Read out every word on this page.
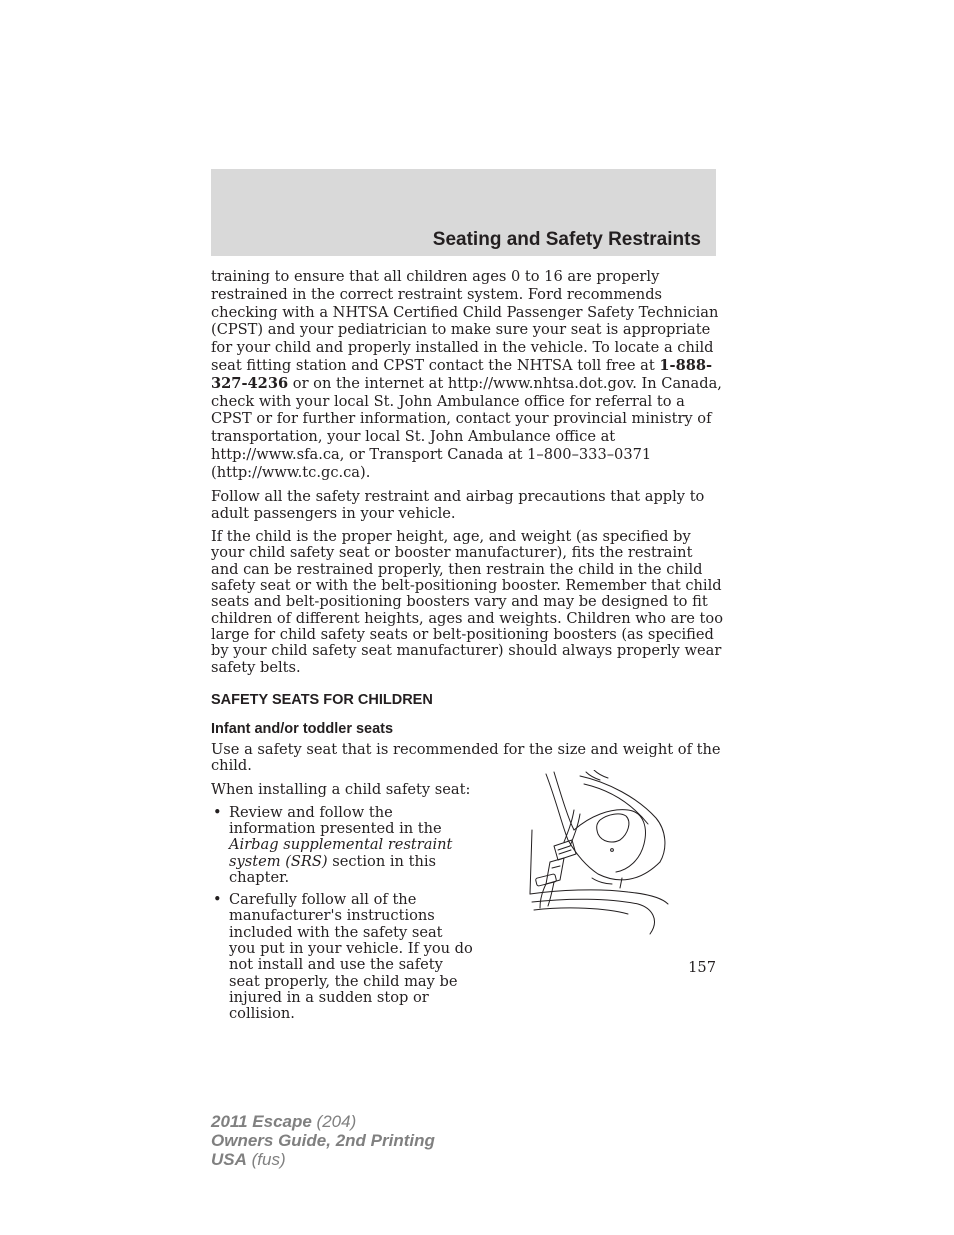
Seating and Safety Restraints

training to ensure that all children ages 0 to 16 are properly restrained in the correct restraint system. Ford recommends checking with a NHTSA Certified Child Passenger Safety Technician (CPST) and your pediatrician to make sure your seat is appropriate for your child and properly installed in the vehicle. To locate a child seat fitting station and CPST contact the NHTSA toll free at 1-888-327-4236 or on the internet at http://www.nhtsa.dot.gov. In Canada, check with your local St. John Ambulance office for referral to a CPST or for further information, contact your provincial ministry of transportation, your local St. John Ambulance office at http://www.sfa.ca, or Transport Canada at 1–800–333–0371 (http://www.tc.gc.ca).

Follow all the safety restraint and airbag precautions that apply to adult passengers in your vehicle.

If the child is the proper height, age, and weight (as specified by your child safety seat or booster manufacturer), fits the restraint and can be restrained properly, then restrain the child in the child safety seat or with the belt-positioning booster. Remember that child seats and belt-positioning boosters vary and may be designed to fit children of different heights, ages and weights. Children who are too large for child safety seats or belt-positioning boosters (as specified by your child safety seat manufacturer) should always properly wear safety belts.

SAFETY SEATS FOR CHILDREN
Infant and/or toddler seats

Use a safety seat that is recommended for the size and weight of the child.

When installing a child safety seat:

• Review and follow the information presented in the Airbag supplemental restraint system (SRS) section in this chapter.
• Carefully follow all of the manufacturer's instructions included with the safety seat you put in your vehicle. If you do not install and use the safety seat properly, the child may be injured in a sudden stop or collision.
157
2011 Escape (204)
Owners Guide, 2nd Printing
USA (fus)
